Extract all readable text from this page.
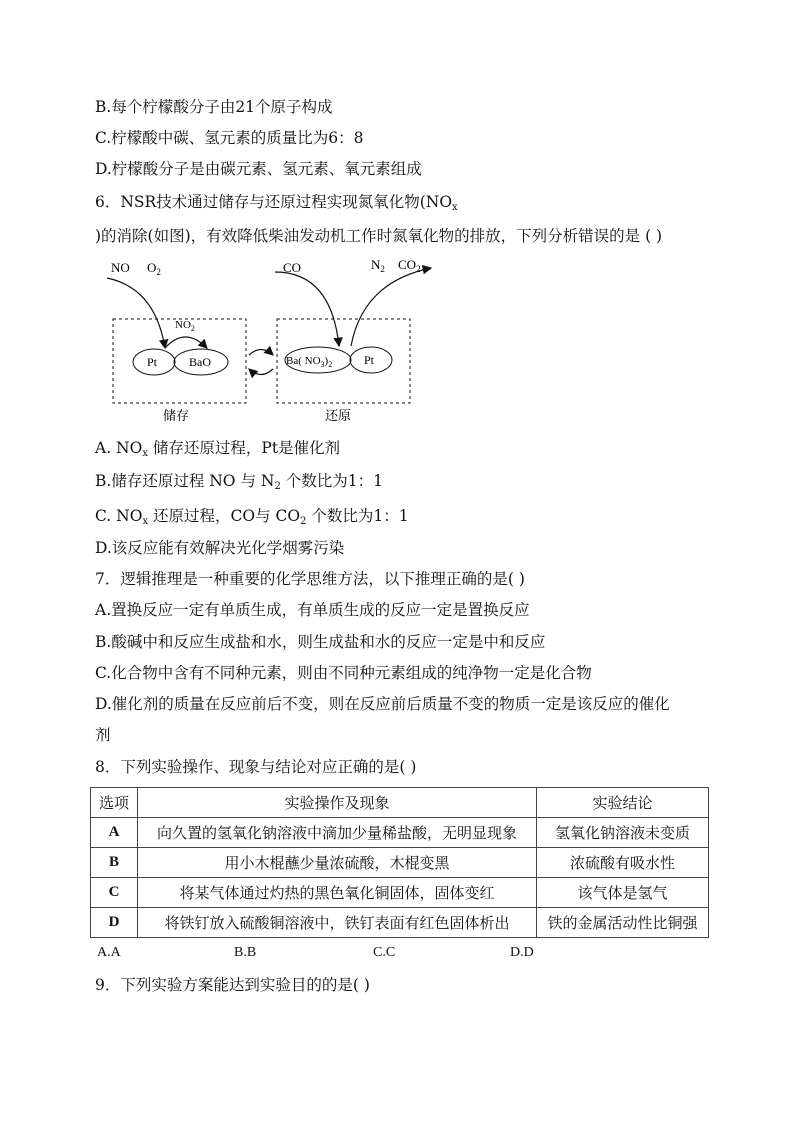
B.每个柠檬酸分子由21个原子构成
C.柠檬酸中碳、氢元素的质量比为6：8
D.柠檬酸分子是由碳元素、氢元素、氧元素组成
6．NSR技术通过储存与还原过程实现氮氧化物($NO_x$
)的消除(如图)，有效降低柴油发动机工作时氮氧化物的排放，下列分析错误的是 ( )
NO $O_2$
$NO_2$
Pt	BaO
储存
CO	$N_2$ $CO_2$
Ba( $NO_3)_2$	Pt
还原
A. $NO_x$ 储存还原过程，Pt是催化剂
B.储存还原过程 NO 与 $N_2$ 个数比为1：1
C. $NO_x$ 还原过程，CO与 $CO_2$ 个数比为1：1
D.该反应能有效解决光化学烟雾污染
7．逻辑推理是一种重要的化学思维方法，以下推理正确的是( )
A.置换反应一定有单质生成，有单质生成的反应一定是置换反应
B.酸碱中和反应生成盐和水，则生成盐和水的反应一定是中和反应
C.化合物中含有不同种元素，则由不同种元素组成的纯净物一定是化合物
D.催化剂的质量在反应前后不变，则在反应前后质量不变的物质一定是该反应的催化
剂
8．下列实验操作、现象与结论对应正确的是( )
选项	实验操作及现象	实验结论
A	向久置的氢氧化钠溶液中滴加少量稀盐酸，无明显现象	氢氧化钠溶液未变质
B	用小木棍蘸少量浓硫酸，木棍变黑	浓硫酸有吸水性
C	将某气体通过灼热的黑色氧化铜固体，固体变红	该气体是氢气
D	将铁钉放入硫酸铜溶液中，铁钉表面有红色固体析出	铁的金属活动性比铜强
A.A	B.B	C.C	D.D
9．下列实验方案能达到实验目的的是( )
